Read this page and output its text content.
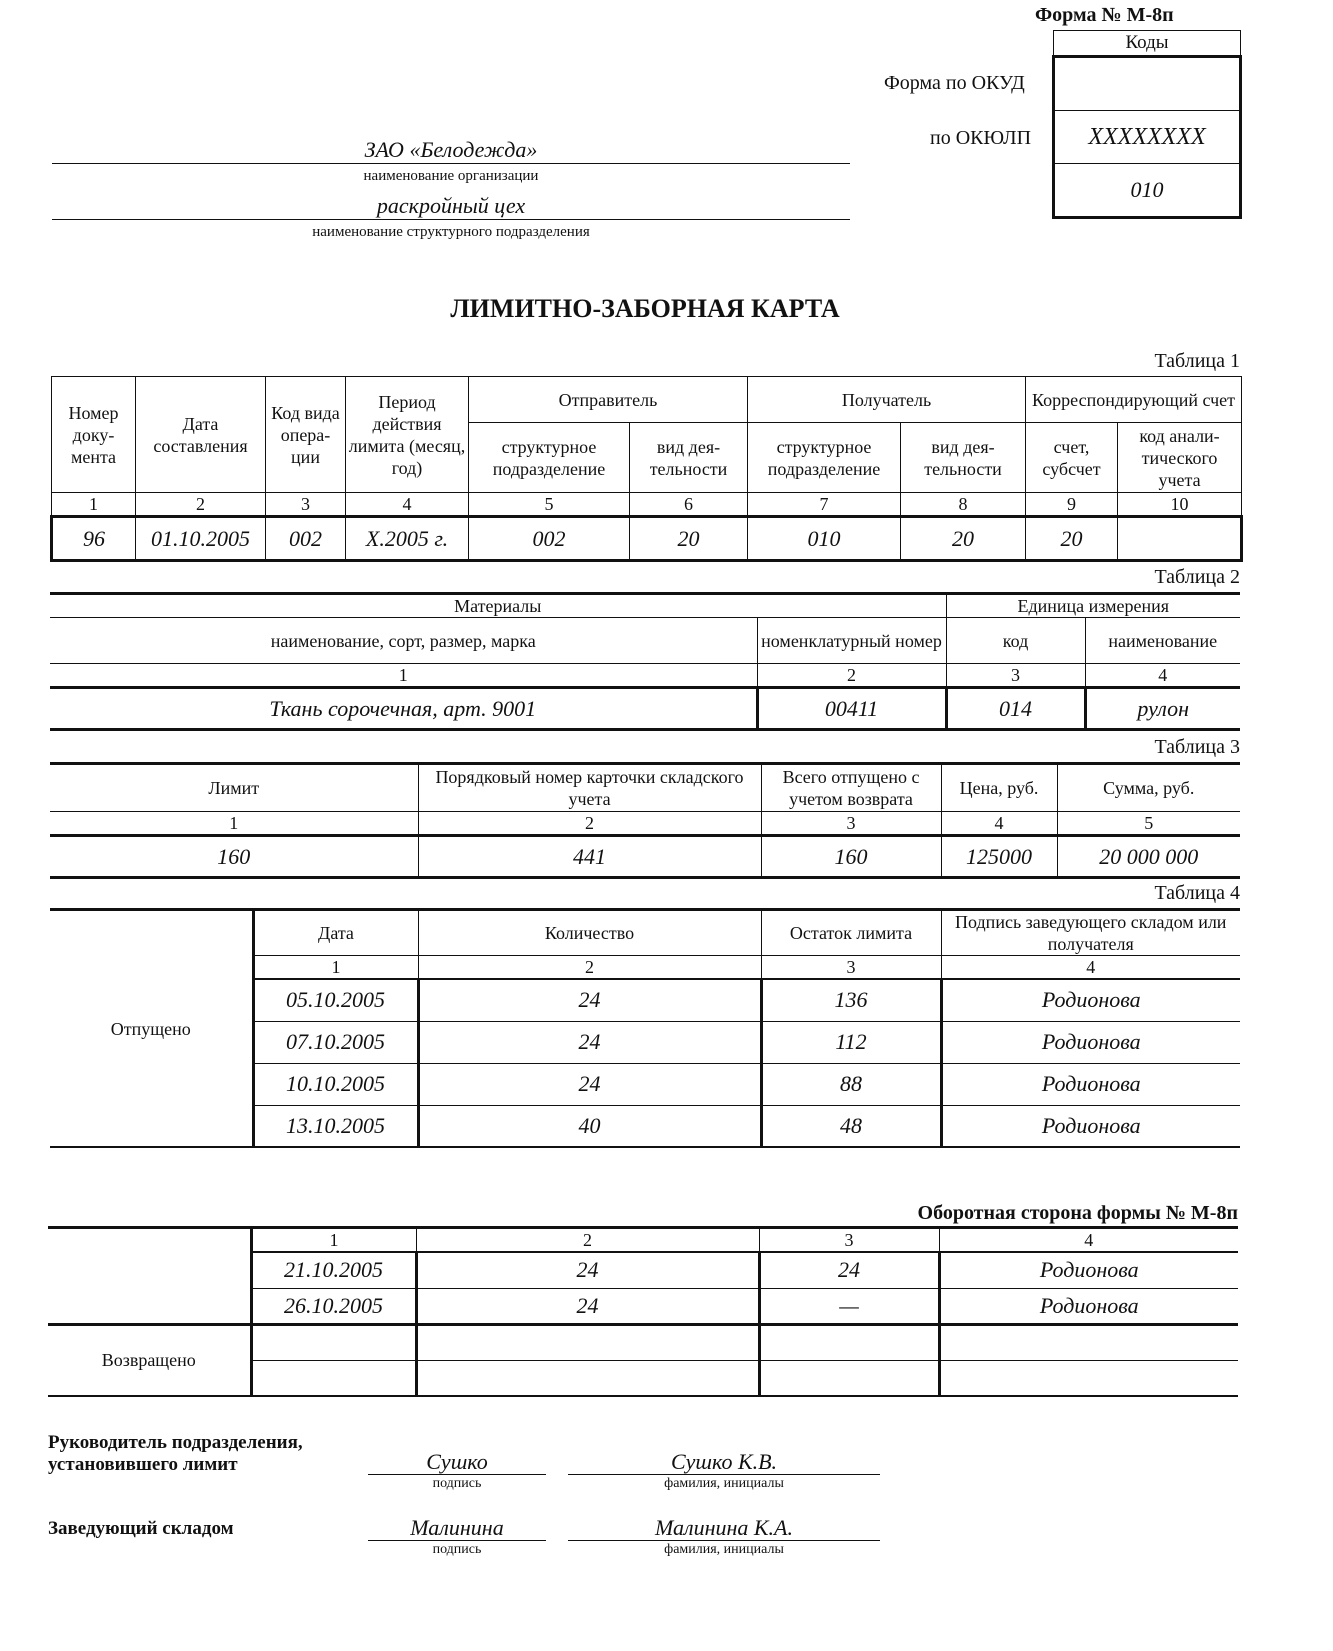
Форма № М-8п
Коды

XXXXXXXX
010
Форма по ОКУД
по ОКЮЛП
ЗАО «Белодежда»
наименование организации
раскройный цех
наименование структурного подразделения
ЛИМИТНО-ЗАБОРНАЯ КАРТА
Таблица 1
Номер доку-мента	Дата составления	Код вида опера-ции	Период действия лимита (месяц, год)	Отправитель		Получатель		Корреспондирующий счет	
				структурное подразделение	вид дея-тельности	структурное подразделение	вид дея-тельности	счет, субсчет	код анали-тического учета
1	2	3	4	5	6	7	8	9	10
96	01.10.2005	002	X.2005 г.	002	20	010	20	20	
Таблица 2
Материалы		Единица измерения	
наименование, сорт, размер, марка	номенклатурный номер	код	наименование
1	2	3	4
Ткань сорочечная, арт. 9001	00411	014	рулон
Таблица 3
Лимит	Порядковый номер карточки складского учета	Всего отпущено с учетом возврата	Цена, руб.	Сумма, руб.
1	2	3	4	5
160	441	160	125000	20 000 000
Таблица 4
Отпущено	Дата	Количество	Остаток лимита	Подпись заведующего складом или получателя
	1	2	3	4
	05.10.2005	24	136	Родионова
	07.10.2005	24	112	Родионова
	10.10.2005	24	88	Родионова
	13.10.2005	40	48	Родионова
Оборотная сторона формы № М-8п
	1	2	3	4
	21.10.2005	24	24	Родионова
	26.10.2005	24	—	Родионова
Возвращено				

Руководитель подразделения,
установившего лимит	Сушко
подпись
Сушко К.В.
фамилия, инициалы
Заведующий складом	Малинина
подпись
Малинина К.А.
фамилия, инициалы
